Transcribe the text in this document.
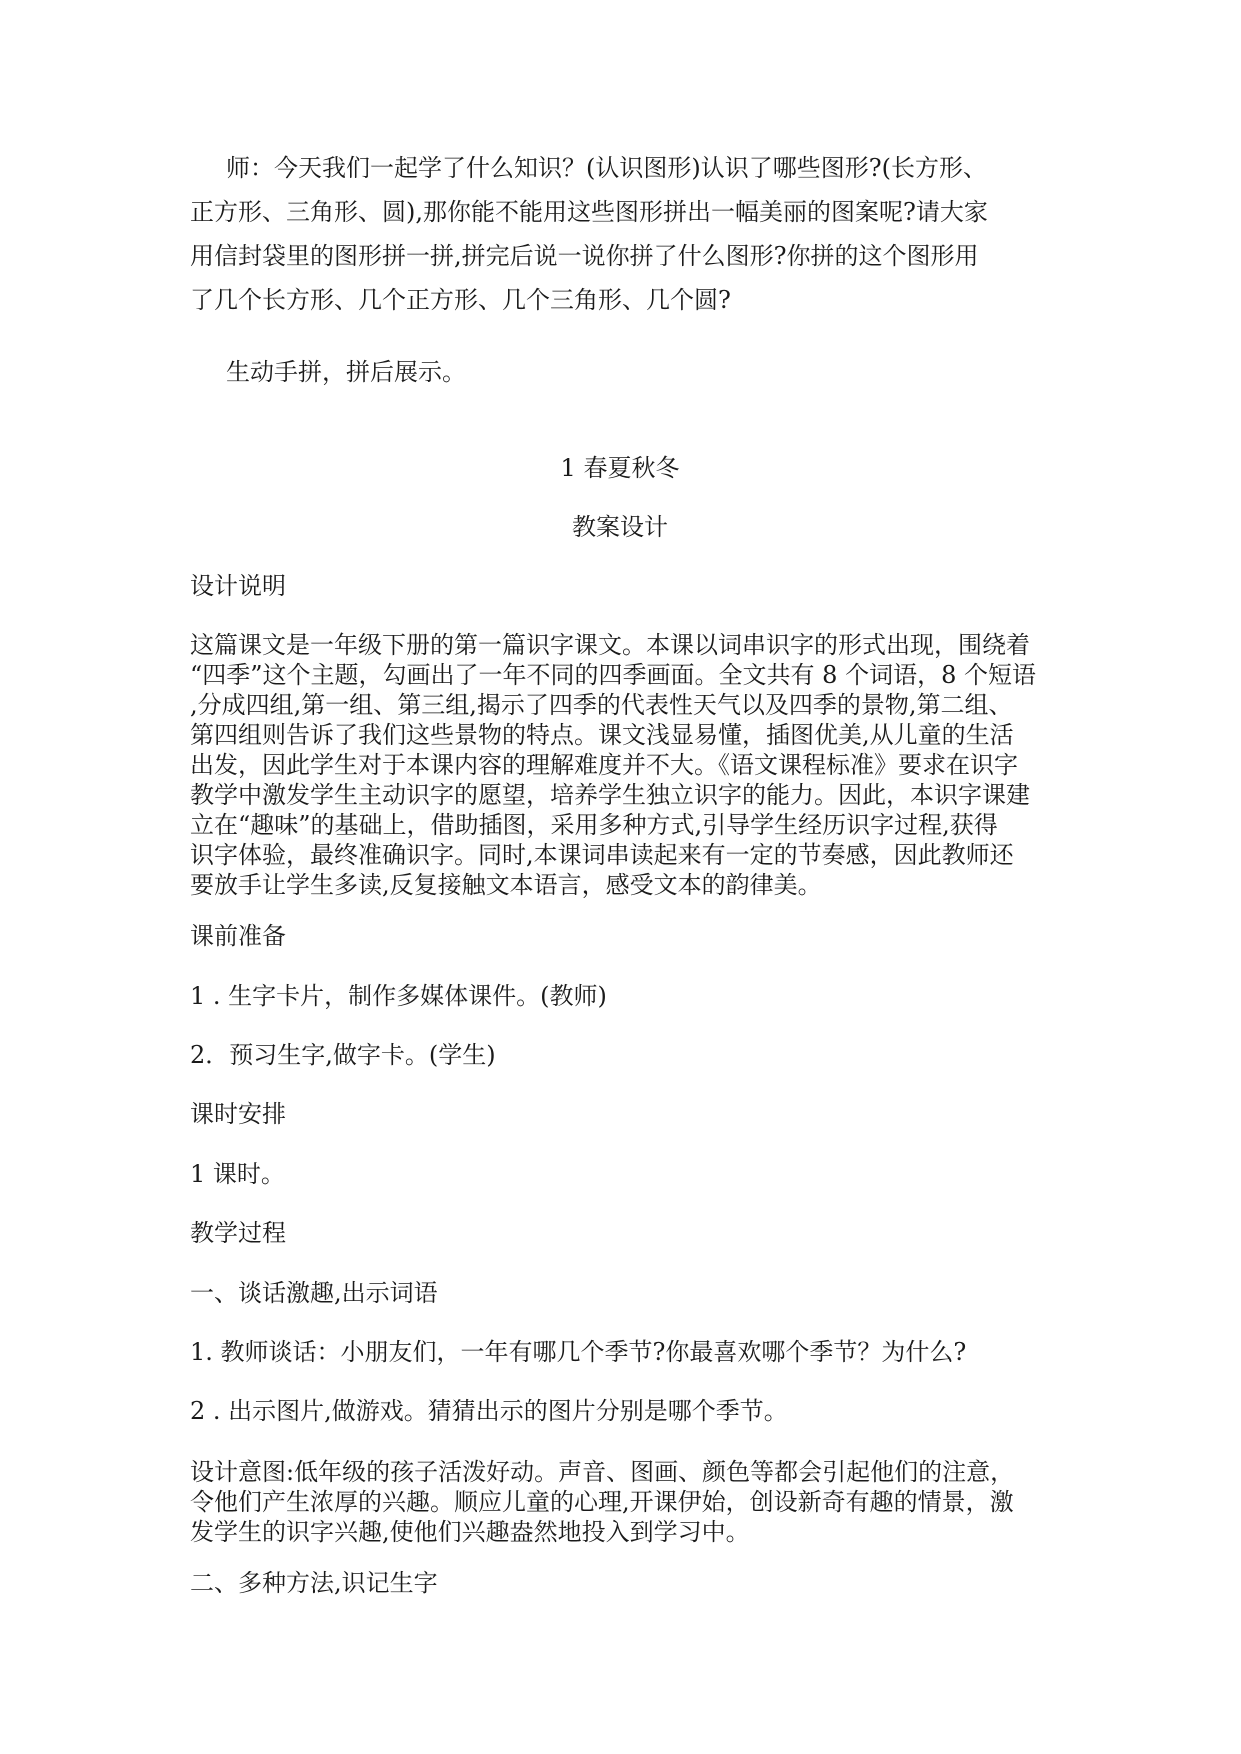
师：今天我们一起学了什么知识？(认识图形)认识了哪些图形?(长方形、
正方形、三角形、圆),那你能不能用这些图形拼出一幅美丽的图案呢?请大家
用信封袋里的图形拼一拼,拼完后说一说你拼了什么图形?你拼的这个图形用
了几个长方形、几个正方形、几个三角形、几个圆?
生动手拼，拼后展示。
1 春夏秋冬
教案设计
设计说明
这篇课文是一年级下册的第一篇识字课文。本课以词串识字的形式出现，围绕着
“四季”这个主题，勾画出了一年不同的四季画面。全文共有 8 个词语，8 个短语
,分成四组,第一组、第三组,揭示了四季的代表性天气以及四季的景物,第二组、
第四组则告诉了我们这些景物的特点。课文浅显易懂，插图优美,从儿童的生活
出发，因此学生对于本课内容的理解难度并不大。《语文课程标准》要求在识字
教学中激发学生主动识字的愿望，培养学生独立识字的能力。因此，本识字课建
立在“趣味”的基础上，借助插图，采用多种方式,引导学生经历识字过程,获得
识字体验，最终准确识字。同时,本课词串读起来有一定的节奏感，因此教师还
要放手让学生多读,反复接触文本语言，感受文本的韵律美。
课前准备
1 . 生字卡片，制作多媒体课件。(教师)
2．预习生字,做字卡。(学生)
课时安排
1 课时。
教学过程
一、谈话激趣,出示词语
1. 教师谈话：小朋友们，一年有哪几个季节?你最喜欢哪个季节？为什么?
2 . 出示图片,做游戏。猜猜出示的图片分别是哪个季节。
设计意图:低年级的孩子活泼好动。声音、图画、颜色等都会引起他们的注意，
令他们产生浓厚的兴趣。顺应儿童的心理,开课伊始，创设新奇有趣的情景，激
发学生的识字兴趣,使他们兴趣盎然地投入到学习中。
二、多种方法,识记生字
